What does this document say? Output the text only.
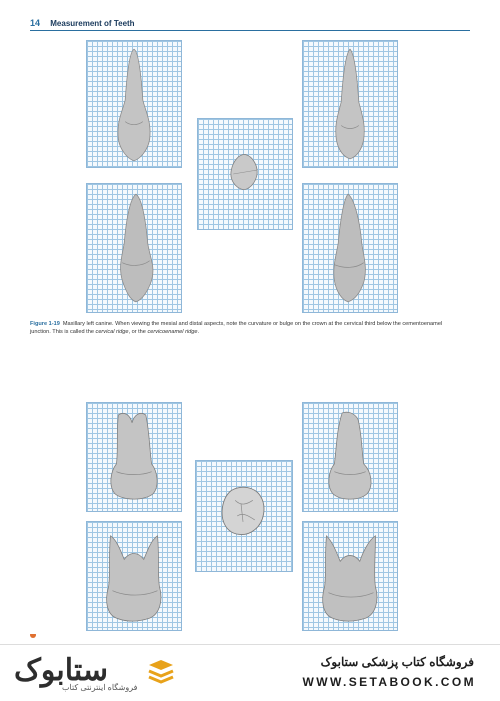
14 Measurement of Teeth
Figure 1-19 Maxillary left canine. When viewing the mesial and distal aspects, note the curvature or bulge on the crown at the cervical third below the cementoenamel junction. This is called the cervical ridge, or the cervicoenamel ridge.
ستابوک
فروشگاه اینترنتی کتاب
فروشگاه کتاب پزشکی ستابوک
WWW.SETABOOK.COM
